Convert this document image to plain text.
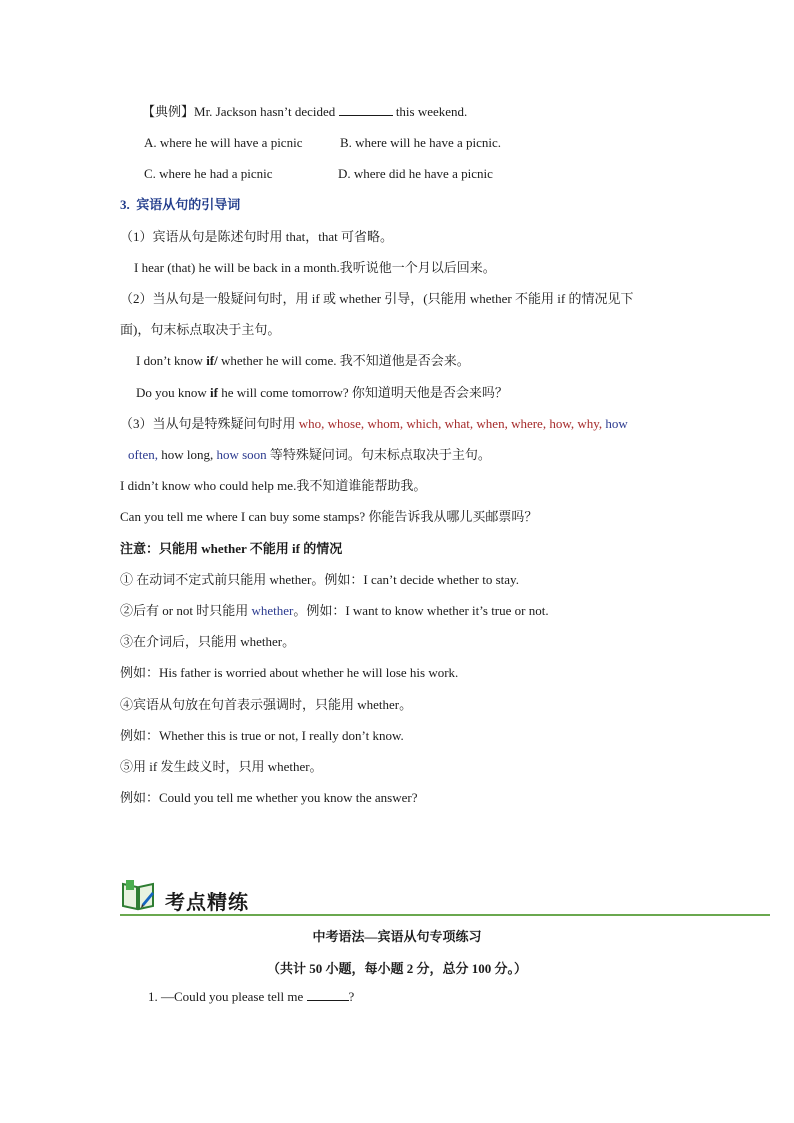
【典例】Mr. Jackson hasn’t decided	this weekend.
A. where he will have a picnic	B. where will he have a picnic.
C. where he had a picnic	D. where did he have a picnic
3. 宾语从句的引导词
（1）宾语从句是陈述句时用 that，that 可省略。
I hear (that) he will be back in a month.我听说他一个月以后回来。
（2）当从句是一般疑问句时，用 if 或 whether 引导，(只能用 whether 不能用 if 的情况见下
面)，句末标点取决于主句。
I don’t know if/ whether he will come. 我不知道他是否会来。
Do you know if he will come tomorrow? 你知道明天他是否会来吗？
（3）当从句是特殊疑问句时用 who, whose, whom, which, what, when, where, how, why, how
often, how long, how soon 等特殊疑问词。句末标点取决于主句。
I didn’t know who could help me.我不知道谁能帮助我。
Can you tell me where I can buy some stamps? 你能告诉我从哪儿买邮票吗？
注意：只能用 whether 不能用 if 的情况
① 在动词不定式前只能用 whether。例如：I can’t decide whether to stay.
②后有 or not 时只能用 whether。例如：I want to know whether it’s true or not.
③在介词后，只能用 whether。
例如：His father is worried about whether he will lose his work.
④宾语从句放在句首表示强调时，只能用 whether。
例如：Whether this is true or not, I really don’t know.
⑤用 if 发生歧义时，只用 whether。
例如：Could you tell me whether you know the answer?
考点精练
中考语法—宾语从句专项练习
（共计 50 小题，每小题 2 分，总分 100 分。）
1. —Could you please tell me	?
